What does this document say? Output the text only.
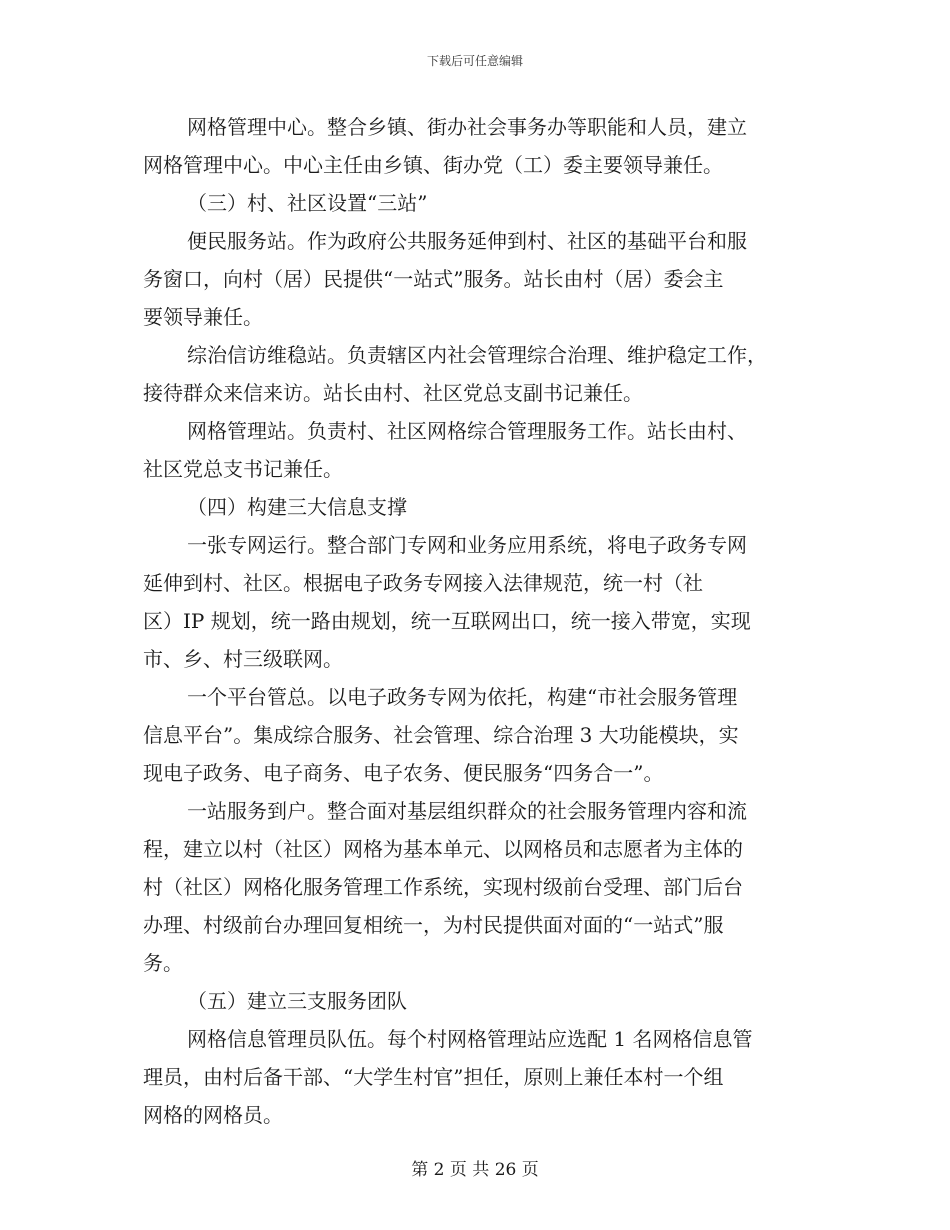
下载后可任意编辑
网格管理中心。整合乡镇、街办社会事务办等职能和人员，建立
网格管理中心。中心主任由乡镇、街办党（工）委主要领导兼任。
（三）村、社区设置“三站”
便民服务站。作为政府公共服务延伸到村、社区的基础平台和服
务窗口，向村（居）民提供“一站式”服务。站长由村（居）委会主
要领导兼任。
综治信访维稳站。负责辖区内社会管理综合治理、维护稳定工作，
接待群众来信来访。站长由村、社区党总支副书记兼任。
网格管理站。负责村、社区网格综合管理服务工作。站长由村、
社区党总支书记兼任。
（四）构建三大信息支撑
一张专网运行。整合部门专网和业务应用系统，将电子政务专网
延伸到村、社区。根据电子政务专网接入法律规范，统一村（社
区）IP 规划，统一路由规划，统一互联网出口，统一接入带宽，实现
市、乡、村三级联网。
一个平台管总。以电子政务专网为依托，构建“市社会服务管理
信息平台”。集成综合服务、社会管理、综合治理 3 大功能模块，实
现电子政务、电子商务、电子农务、便民服务“四务合一”。
一站服务到户。整合面对基层组织群众的社会服务管理内容和流
程，建立以村（社区）网格为基本单元、以网格员和志愿者为主体的
村（社区）网格化服务管理工作系统，实现村级前台受理、部门后台
办理、村级前台办理回复相统一，为村民提供面对面的“一站式”服
务。
（五）建立三支服务团队
网格信息管理员队伍。每个村网格管理站应选配 1 名网格信息管
理员，由村后备干部、“大学生村官”担任，原则上兼任本村一个组
网格的网格员。
第 2 页 共 26 页
